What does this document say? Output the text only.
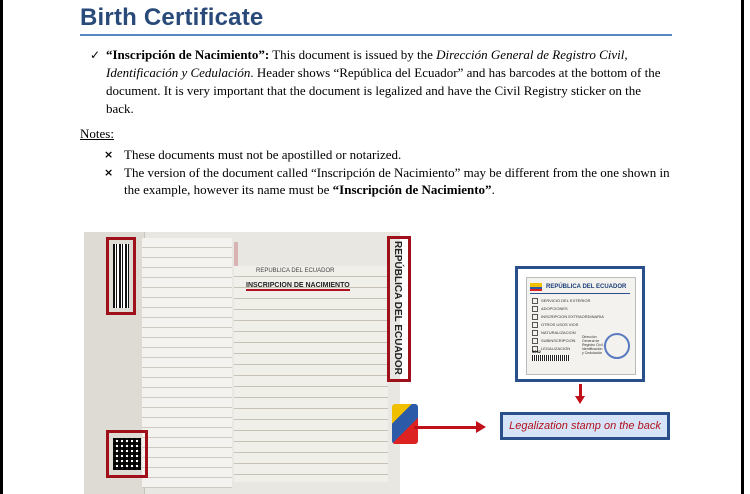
Birth Certificate
✓ “Inscripción de Nacimiento”: This document is issued by the Dirección General de Registro Civil, Identificación y Cedulación. Header shows “República del Ecuador” and has barcodes at the bottom of the document. It is very important that the document is legalized and have the Civil Registry sticker on the back.
Notes:
× These documents must not be apostilled or notarized.
× The version of the document called “Inscripción de Nacimiento” may be different from the one shown in the example, however its name must be “Inscripción de Nacimiento”.
REPUBLICA DEL ECUADOR
INSCRIPCION DE NACIMIENTO	REPÚBLICA DEL ECUADOR	REPÚBLICA DEL ECUADOR
SERVICIO DEL EXTERIOR
ADOPCIONES
INSCRIPCION EXTRAORDINARIA
OTROS USOS VIOS
NATURALIZACION
SUBINSCRIPCION
LEGALIZACION
0062
Dirección General de Registro Civil, Identificación y Cedulación
Legalization stamp on the back
